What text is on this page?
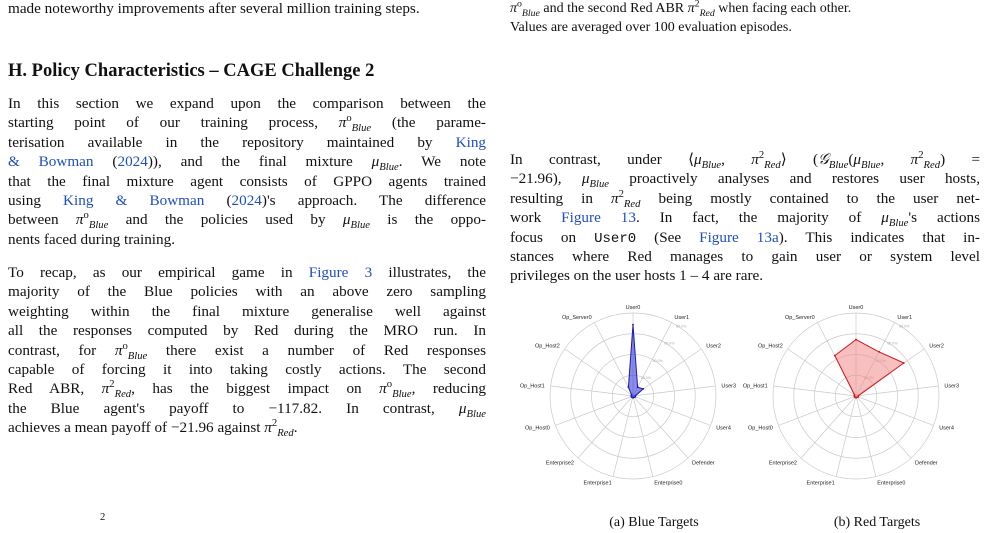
made noteworthy improvements after several million training steps.
H. Policy Characteristics – CAGE Challenge 2
In this section we expand upon the comparison between the
starting point of our training process, $\pi^o_{Blue}$ (the parame-
terisation available in the repository maintained by King
& Bowman (2024)), and the final mixture $\mu_{Blue}$. We note
that the final mixture agent consists of GPPO agents trained
using King & Bowman (2024)'s approach. The difference
between $\pi^o_{Blue}$ and the policies used by $\mu_{Blue}$ is the oppo-
nents faced during training.
To recap, as our empirical game in Figure 3 illustrates, the
majority of the Blue policies with an above zero sampling
weighting within the final mixture generalise well against
all the responses computed by Red during the MRO run. In
contrast, for $\pi^o_{Blue}$ there exist a number of Red responses
capable of forcing it into taking costly actions. The second
Red ABR, $\pi^2_{Red}$, has the biggest impact on $\pi^o_{Blue}$, reducing
the Blue agent's payoff to −117.82. In contrast, $\mu_{Blue}$
achieves a mean payoff of −21.96 against $\pi^2_{Red}$.
$^2$
$\pi^o_{Blue}$ and the second Red ABR $\pi^2_{Red}$ when facing each other.
Values are averaged over 100 evaluation episodes.
In contrast, under $⟨\mu_{Blue}$, $\pi^2_{Red}⟩$ ($𝒢_{Blue}(\mu_{Blue}$, $\pi^2_{Red}$) =
−21.96), $\mu_{Blue}$ proactively analyses and restores user hosts,
resulting in $\pi^2_{Red}$ being mostly contained to the user net-
work Figure 13. In fact, the majority of $\mu_{Blue}'s$ actions
focus on User0 (See Figure 13a). This indicates that in-
stances where Red manages to gain user or system level
privileges on the user hosts 1 – 4 are rare.
User0
User1
User2
User3
User4
Defender
Enterprise0
Enterprise1
Enterprise2
Op_Host0
Op_Host1
Op_Host2
Op_Server0
20.0%
40.0%
60.0%
80.0%
User0
User1
User2
User3
User4
Defender
Enterprise0
Enterprise1
Enterprise2
Op_Host0
Op_Host1
Op_Host2
Op_Server0
60.0%
80.0%
(a) Blue Targets	(b) Red Targets
